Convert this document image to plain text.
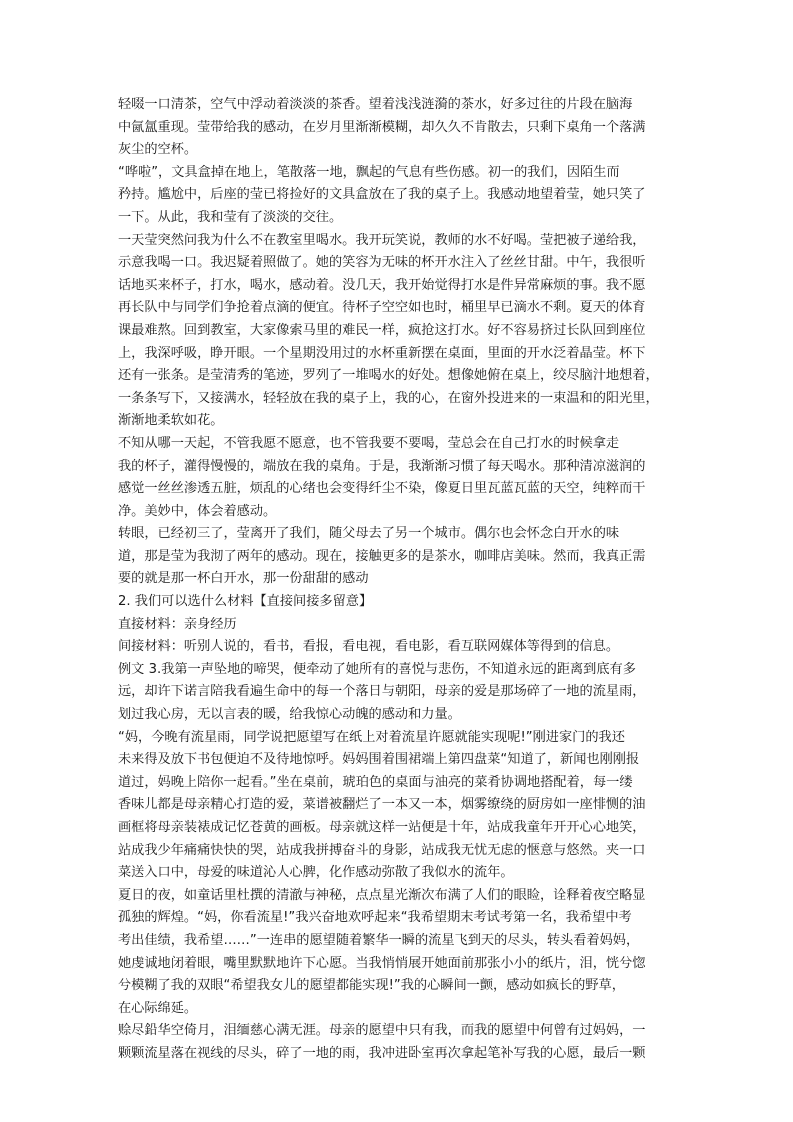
轻啜一口清茶，空气中浮动着淡淡的茶香。望着浅浅涟漪的茶水，好多过往的片段在脑海
中氤氲重现。莹带给我的感动，在岁月里渐渐模糊，却久久不肯散去，只剩下桌角一个落满
灰尘的空杯。
“哗啦”，文具盒掉在地上，笔散落一地，飘起的气息有些伤感。初一的我们，因陌生而
矜持。尴尬中，后座的莹已将捡好的文具盒放在了我的桌子上。我感动地望着莹，她只笑了
一下。从此，我和莹有了淡淡的交往。
一天莹突然问我为什么不在教室里喝水。我开玩笑说，教师的水不好喝。莹把被子递给我，
示意我喝一口。我迟疑着照做了。她的笑容为无味的杯开水注入了丝丝甘甜。中午，我很听
话地买来杯子，打水，喝水，感动着。没几天，我开始觉得打水是件异常麻烦的事。我不愿
再长队中与同学们争抢着点滴的便宜。待杯子空空如也时，桶里早已滴水不剩。夏天的体育
课最难熬。回到教室，大家像索马里的难民一样，疯抢这打水。好不容易挤过长队回到座位
上，我深呼吸，睁开眼。一个星期没用过的水杯重新摆在桌面，里面的开水泛着晶莹。杯下
还有一张条。是莹清秀的笔迹，罗列了一堆喝水的好处。想像她俯在桌上，绞尽脑汁地想着，
一条条写下，又接满水，轻轻放在我的桌子上，我的心，在窗外投进来的一束温和的阳光里，
渐渐地柔软如花。
不知从哪一天起，不管我愿不愿意，也不管我要不要喝，莹总会在自己打水的时候拿走
我的杯子，灌得慢慢的，端放在我的桌角。于是，我渐渐习惯了每天喝水。那种清凉滋润的
感觉一丝丝渗透五脏，烦乱的心绪也会变得纤尘不染，像夏日里瓦蓝瓦蓝的天空，纯粹而干
净。美妙中，体会着感动。
转眼，已经初三了，莹离开了我们，随父母去了另一个城市。偶尔也会怀念白开水的味
道，那是莹为我沏了两年的感动。现在，接触更多的是茶水，咖啡店美味。然而，我真正需
要的就是那一杯白开水，那一份甜甜的感动
2. 我们可以选什么材料【直接间接多留意】
直接材料：亲身经历
间接材料：听别人说的，看书，看报，看电视，看电影，看互联网媒体等得到的信息。
例文 3.我第一声坠地的啼哭，便牵动了她所有的喜悦与悲伤，不知道永远的距离到底有多
远，却许下诺言陪我看遍生命中的每一个落日与朝阳，母亲的爱是那场碎了一地的流星雨，
划过我心房，无以言表的暖，给我惊心动魄的感动和力量。
“妈，今晚有流星雨，同学说把愿望写在纸上对着流星许愿就能实现呢!”刚进家门的我还
未来得及放下书包便迫不及待地惊呼。妈妈围着围裙端上第四盘菜“知道了，新闻也刚刚报
道过，妈晚上陪你一起看。”坐在桌前，琥珀色的桌面与油亮的菜肴协调地搭配着，每一缕
香味儿都是母亲精心打造的爱，菜谱被翻烂了一本又一本，烟雾缭绕的厨房如一座悱恻的油
画框将母亲装裱成记忆苍黄的画板。母亲就这样一站便是十年，站成我童年开开心心地笑，
站成我少年痛痛快快的哭，站成我拼搏奋斗的身影，站成我无忧无虑的惬意与悠然。夹一口
菜送入口中，母爱的味道沁人心脾，化作感动弥散了我似水的流年。
夏日的夜，如童话里杜撰的清澈与神秘，点点星光渐次布满了人们的眼睑，诠释着夜空略显
孤独的辉煌。“妈，你看流星!”我兴奋地欢呼起来“我希望期末考试考第一名，我希望中考
考出佳绩，我希望……”一连串的愿望随着繁华一瞬的流星飞到天的尽头，转头看着妈妈，
她虔诚地闭着眼，嘴里默默地许下心愿。当我悄悄展开她面前那张小小的纸片，泪，恍兮惚
兮模糊了我的双眼“希望我女儿的愿望都能实现!”我的心瞬间一颤，感动如疯长的野草，
在心际绵延。
赊尽鉛华空倚月，泪缅慈心满无涯。母亲的愿望中只有我，而我的愿望中何曾有过妈妈，一
颗颗流星落在视线的尽头，碎了一地的雨，我冲进卧室再次拿起笔补写我的心愿，最后一颗
